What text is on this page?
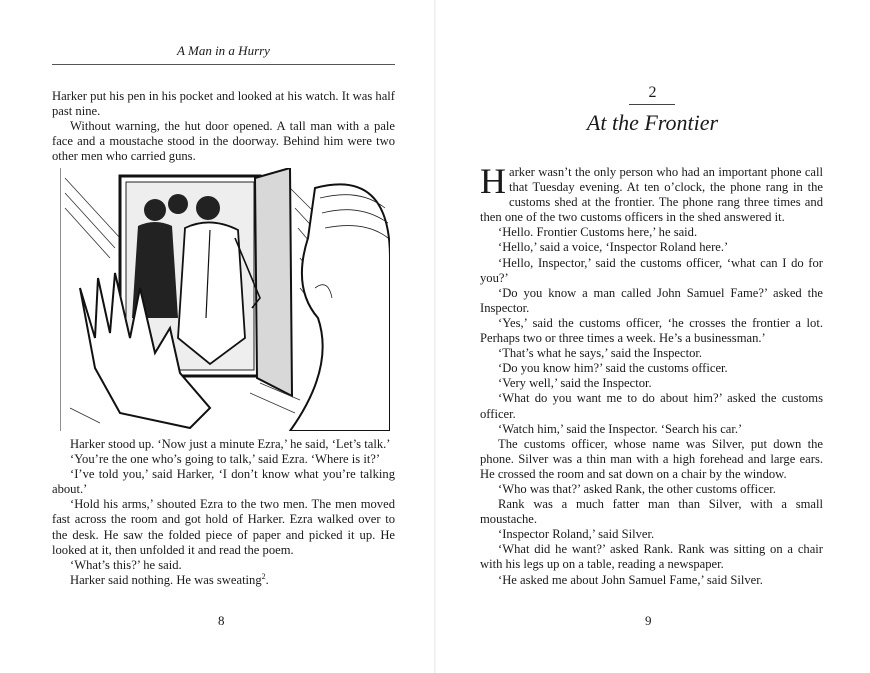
A Man in a Hurry

Harker put his pen in his pocket and looked at his watch. It was half past nine.

Without warning, the hut door opened. A tall man with a pale face and a moustache stood in the doorway. Behind him were two other men who carried guns.

Harker stood up. ‘Now just a minute Ezra,’ he said, ‘Let’s talk.’

‘You’re the one who’s going to talk,’ said Ezra. ‘Where is it?’

‘I’ve told you,’ said Harker, ‘I don’t know what you’re talking about.’

‘Hold his arms,’ shouted Ezra to the two men. The men moved fast across the room and got hold of Harker. Ezra walked over to the desk. He saw the folded piece of paper and picked it up. He looked at it, then unfolded it and read the poem.

‘What’s this?’ he said.

Harker said nothing. He was sweating$^2$.

8
2
At the Frontier

Harker wasn’t the only person who had an important phone call that Tuesday evening. At ten o’clock, the phone rang in the customs shed at the frontier. The phone rang three times and then one of the two customs officers in the shed answered it.

‘Hello. Frontier Customs here,’ he said.

‘Hello,’ said a voice, ‘Inspector Roland here.’

‘Hello, Inspector,’ said the customs officer, ‘what can I do for you?’

‘Do you know a man called John Samuel Fame?’ asked the Inspector.

‘Yes,’ said the customs officer, ‘he crosses the frontier a lot. Perhaps two or three times a week. He’s a businessman.’

‘That’s what he says,’ said the Inspector.

‘Do you know him?’ said the customs officer.

‘Very well,’ said the Inspector.

‘What do you want me to do about him?’ asked the customs officer.

‘Watch him,’ said the Inspector. ‘Search his car.’

The customs officer, whose name was Silver, put down the phone. Silver was a thin man with a high forehead and large ears. He crossed the room and sat down on a chair by the window.

‘Who was that?’ asked Rank, the other customs officer.

Rank was a much fatter man than Silver, with a small moustache.

‘Inspector Roland,’ said Silver.

‘What did he want?’ asked Rank. Rank was sitting on a chair with his legs up on a table, reading a newspaper.

‘He asked me about John Samuel Fame,’ said Silver.

9
